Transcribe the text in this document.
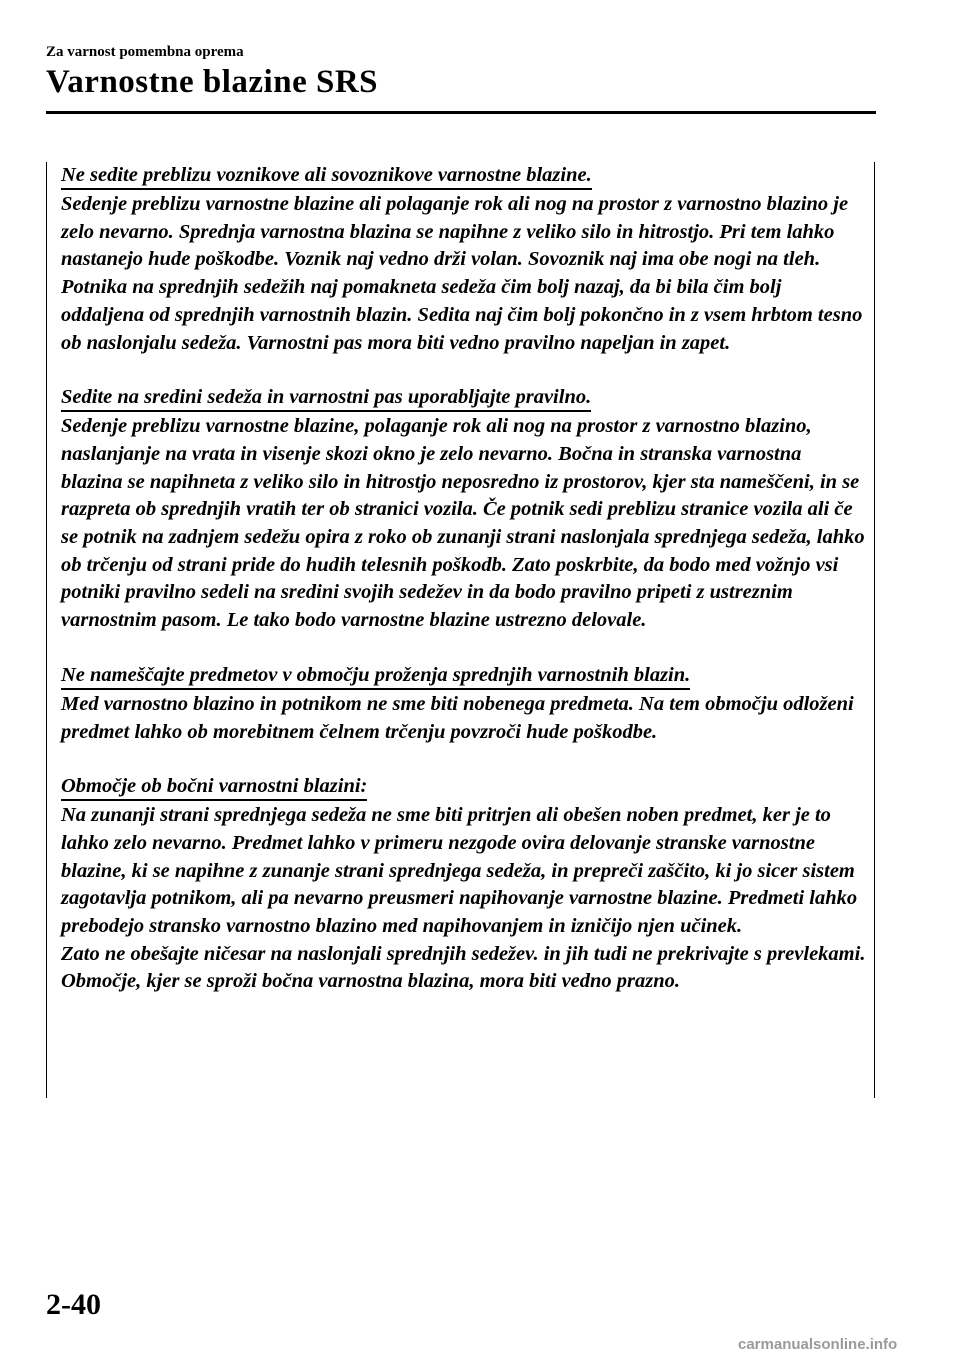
Za varnost pomembna oprema
Varnostne blazine SRS
Ne sedite preblizu voznikove ali sovoznikove varnostne blazine.

Sedenje preblizu varnostne blazine ali polaganje rok ali nog na prostor z varnostno blazino je zelo nevarno. Sprednja varnostna blazina se napihne z veliko silo in hitrostjo. Pri tem lahko nastanejo hude poškodbe. Voznik naj vedno drži volan. Sovoznik naj ima obe nogi na tleh. Potnika na sprednjih sedežih naj pomakneta sedeža čim bolj nazaj, da bi bila čim bolj oddaljena od sprednjih varnostnih blazin. Sedita naj čim bolj pokončno in z vsem hrbtom tesno ob naslonjalu sedeža. Varnostni pas mora biti vedno pravilno napeljan in zapet.

Sedite na sredini sedeža in varnostni pas uporabljajte pravilno.

Sedenje preblizu varnostne blazine, polaganje rok ali nog na prostor z varnostno blazino, naslanjanje na vrata in visenje skozi okno je zelo nevarno. Bočna in stranska varnostna blazina se napihneta z veliko silo in hitrostjo neposredno iz prostorov, kjer sta nameščeni, in se razpreta ob sprednjih vratih ter ob stranici vozila. Če potnik sedi preblizu stranice vozila ali če se potnik na zadnjem sedežu opira z roko ob zunanji strani naslonjala sprednjega sedeža, lahko ob trčenju od strani pride do hudih telesnih poškodb. Zato poskrbite, da bodo med vožnjo vsi potniki pravilno sedeli na sredini svojih sedežev in da bodo pravilno pripeti z ustreznim varnostnim pasom. Le tako bodo varnostne blazine ustrezno delovale.

Ne nameščajte predmetov v območju proženja sprednjih varnostnih blazin.

Med varnostno blazino in potnikom ne sme biti nobenega predmeta. Na tem območju odloženi predmet lahko ob morebitnem čelnem trčenju povzroči hude poškodbe.

Območje ob bočni varnostni blazini:

Na zunanji strani sprednjega sedeža ne sme biti pritrjen ali obešen noben predmet, ker je to lahko zelo nevarno. Predmet lahko v primeru nezgode ovira delovanje stranske varnostne blazine, ki se napihne z zunanje strani sprednjega sedeža, in prepreči zaščito, ki jo sicer sistem zagotavlja potnikom, ali pa nevarno preusmeri napihovanje varnostne blazine. Predmeti lahko prebodejo stransko varnostno blazino med napihovanjem in izničijo njen učinek.

Zato ne obešajte ničesar na naslonjali sprednjih sedežev. in jih tudi ne prekrivajte s prevlekami. Območje, kjer se sproži bočna varnostna blazina, mora biti vedno prazno.

2-40
carmanualsonline.info
